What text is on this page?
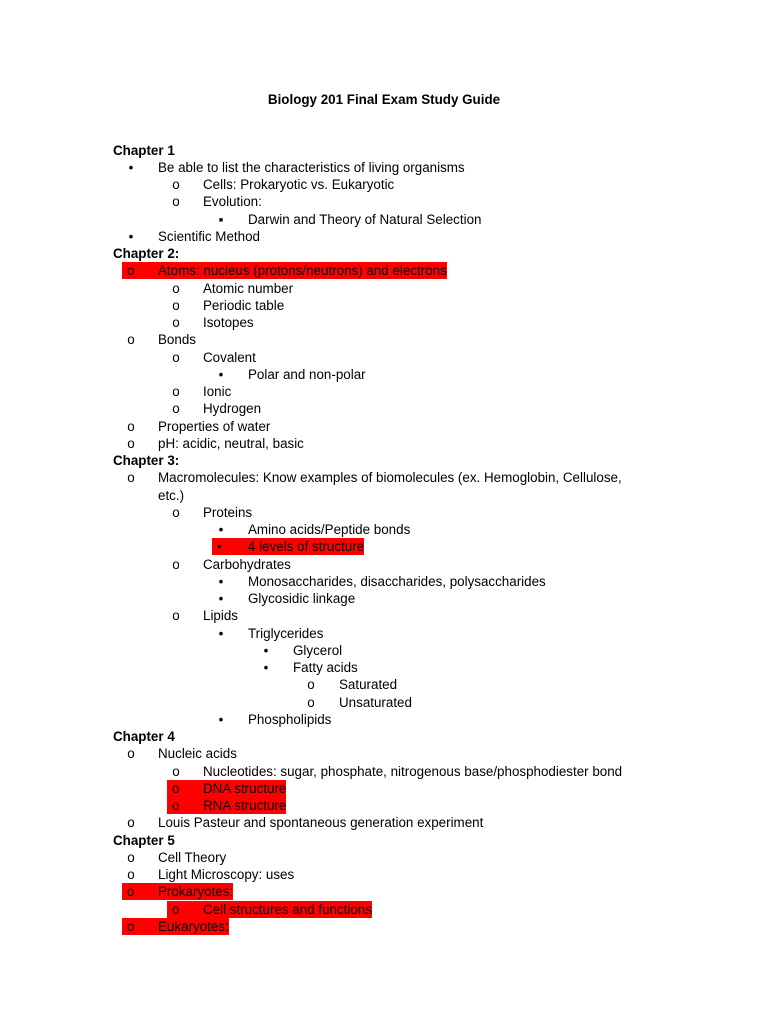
Biology 201 Final Exam Study Guide
Chapter 1
•	Be able to list the characteristics of living organisms
o	Cells: Prokaryotic vs. Eukaryotic
o	Evolution:
▪	Darwin and Theory of Natural Selection
•	Scientific Method
Chapter 2:
o	Atoms: nucleus (protons/neutrons) and electrons
o	Atomic number
o	Periodic table
o	Isotopes
o	Bonds
o	Covalent
•	Polar and non-polar
o	Ionic
o	Hydrogen
o	Properties of water
o	pH: acidic, neutral, basic
Chapter 3:
o	Macromolecules: Know examples of biomolecules (ex. Hemoglobin, Cellulose,
etc.)
o	Proteins
•	Amino acids/Peptide bonds
•	4 levels of structure
o	Carbohydrates
•	Monosaccharides, disaccharides, polysaccharides
•	Glycosidic linkage
o	Lipids
•	Triglycerides
•	Glycerol
•	Fatty acids
o	Saturated
o	Unsaturated
•	Phospholipids
Chapter 4
o	Nucleic acids
o	Nucleotides: sugar, phosphate, nitrogenous base/phosphodiester bond
o	DNA structure
o	RNA structure
o	Louis Pasteur and spontaneous generation experiment
Chapter 5
o	Cell Theory
o	Light Microscopy: uses
o	Prokaryotes:
o	Cell structures and functions
o	Eukaryotes:
